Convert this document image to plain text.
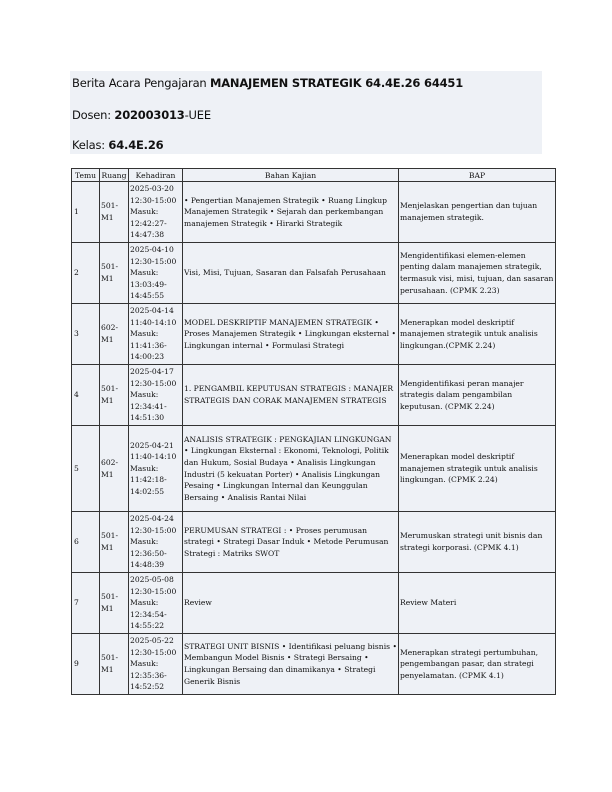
Berita Acara Pengajaran MANAJEMEN STRATEGIK 64.4E.26 64451
Dosen: 202003013-UEE
Kelas: 64.4E.26
Temu	Ruang	Kehadiran	Bahan Kajian	BAP
1	501-M1	2025-03-20 12:30-15:00 Masuk: 12:42:27-14:47:38	• Pengertian Manajemen Strategik • Ruang Lingkup Manajemen Strategik • Sejarah dan perkembangan manajemen Strategik • Hirarki Strategik	Menjelaskan pengertian dan tujuan manajemen strategik.
2	501-M1	2025-04-10 12:30-15:00 Masuk: 13:03:49-14:45:55	Visi, Misi, Tujuan, Sasaran dan Falsafah Perusahaan	Mengidentifikasi elemen-elemen penting dalam manajemen strategik, termasuk visi, misi, tujuan, dan sasaran perusahaan. (CPMK 2.23)
3	602-M1	2025-04-14 11:40-14:10 Masuk: 11:41:36-14:00:23	MODEL DESKRIPTIF MANAJEMEN STRATEGIK • Proses Manajemen Strategik • Lingkungan eksternal • Lingkungan internal • Formulasi Strategi	Menerapkan model deskriptif manajemen strategik untuk analisis lingkungan.(CPMK 2.24)
4	501-M1	2025-04-17 12:30-15:00 Masuk: 12:34:41-14:51:30	1. PENGAMBIL KEPUTUSAN STRATEGIS : MANAJER STRATEGIS DAN CORAK MANAJEMEN STRATEGIS	Mengidentifikasi peran manajer strategis dalam pengambilan keputusan. (CPMK 2.24)
5	602-M1	2025-04-21 11:40-14:10 Masuk: 11:42:18-14:02:55	ANALISIS STRATEGIK : PENGKAJIAN LINGKUNGAN • Lingkungan Eksternal : Ekonomi, Teknologi, Politik dan Hukum, Sosial Budaya • Analisis Lingkungan Industri (5 kekuatan Porter) • Analisis Lingkungan Pesaing • Lingkungan Internal dan Keunggulan Bersaing • Analisis Rantai Nilai	Menerapkan model deskriptif manajemen strategik untuk analisis lingkungan. (CPMK 2.24)
6	501-M1	2025-04-24 12:30-15:00 Masuk: 12:36:50-14:48:39	PERUMUSAN STRATEGI : • Proses perumusan strategi • Strategi Dasar Induk • Metode Perumusan Strategi : Matriks SWOT	Merumuskan strategi unit bisnis dan strategi korporasi. (CPMK 4.1)
7	501-M1	2025-05-08 12:30-15:00 Masuk: 12:34:54-14:55:22	Review	Review Materi
9	501-M1	2025-05-22 12:30-15:00 Masuk: 12:35:36-14:52:52	STRATEGI UNIT BISNIS • Identifikasi peluang bisnis • Membangun Model Bisnis • Strategi Bersaing • Lingkungan Bersaing dan dinamikanya • Strategi Generik Bisnis	Menerapkan strategi pertumbuhan, pengembangan pasar, dan strategi penyelamatan. (CPMK 4.1)
